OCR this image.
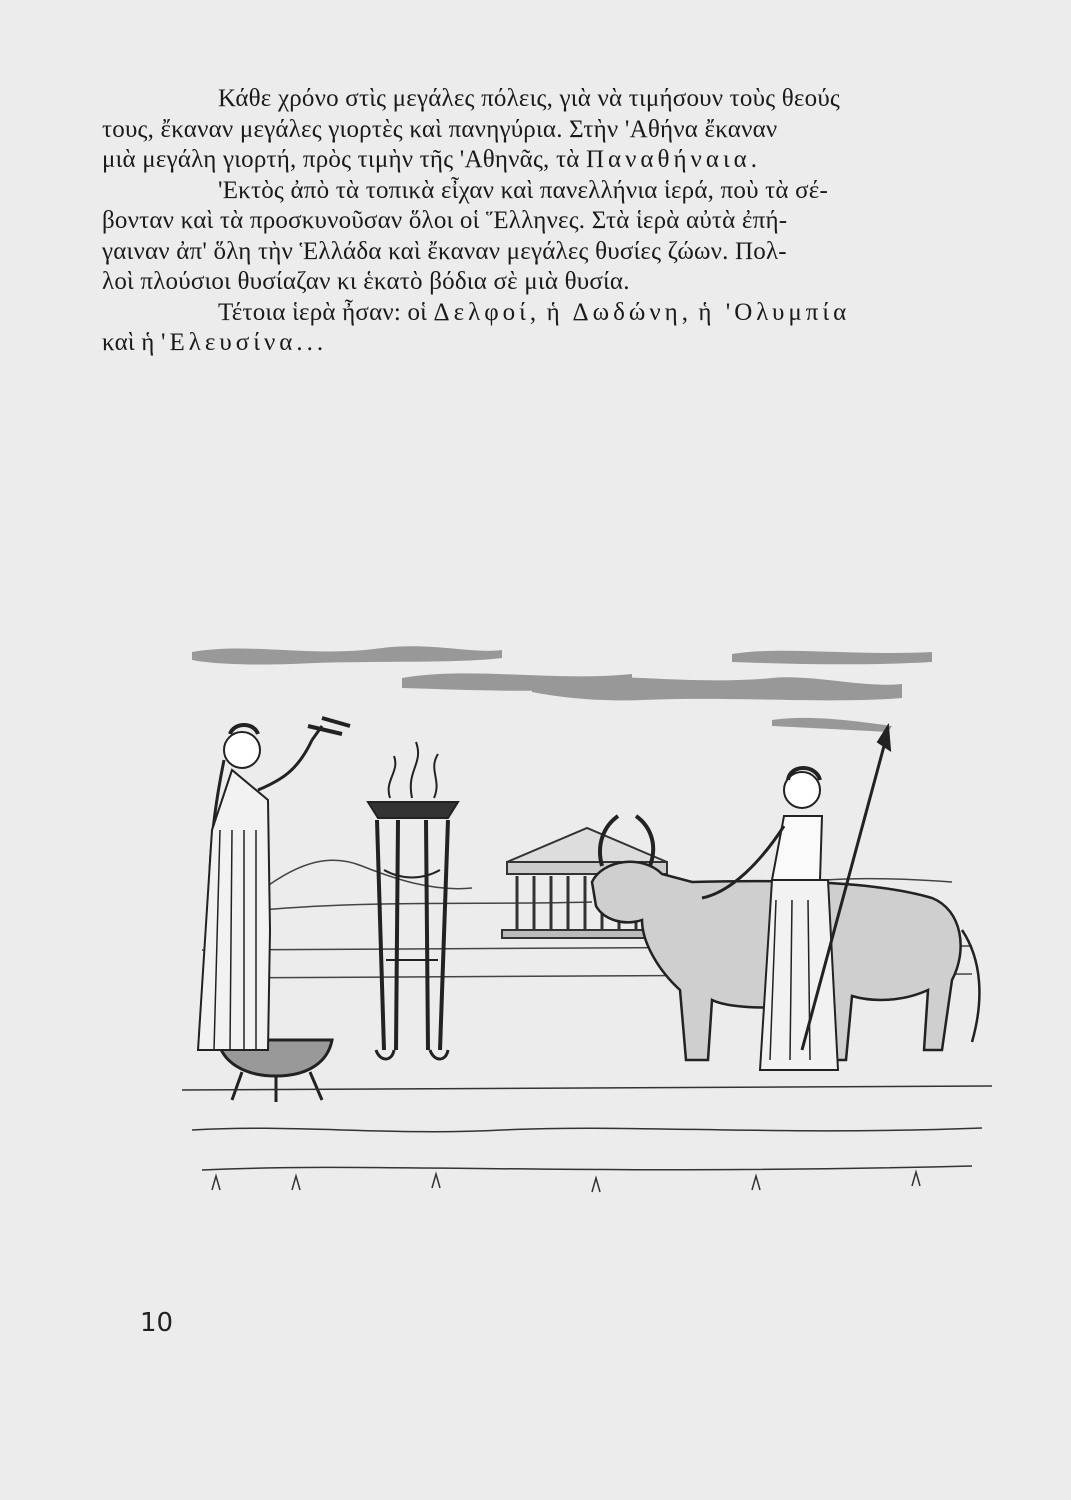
Κάθε χρόνο στὶς μεγάλες πόλεις, γιὰ νὰ τιμήσουν τοὺς θεούς
τους, ἔκαναν μεγάλες γιορτὲς καὶ πανηγύρια. Στὴν 'Αθήνα ἔκαναν
μιὰ μεγάλη γιορτή, πρὸς τιμὴν τῆς 'Αθηνᾶς, τὰ Παναθήναια.

'Εκτὸς ἀπὸ τὰ τοπικὰ εἶχαν καὶ πανελλήνια ἱερά, ποὺ τὰ σέ-
βονταν καὶ τὰ προσκυνοῦσαν ὅλοι οἱ Ἕλληνες. Στὰ ἱερὰ αὐτὰ ἐπή-
γαιναν ἀπ' ὅλη τὴν Ἑλλάδα καὶ ἔκαναν μεγάλες θυσίες ζώων. Πολ-
λοὶ πλούσιοι θυσίαζαν κι ἑκατὸ βόδια σὲ μιὰ θυσία.

Τέτοια ἱερὰ ἦσαν: οἱ Δελφοί, ἡ Δωδώνη, ἡ 'Ολυμπία
καὶ ἡ 'Ελευσίνα...

10
